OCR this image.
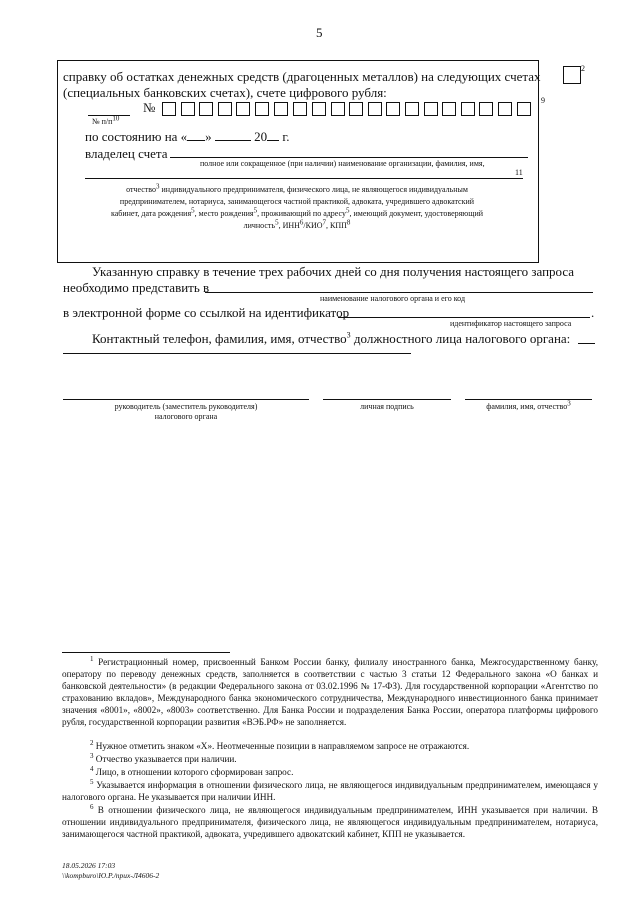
5
справку об остатках денежных средств (драгоценных металлов) на следующих счетах
(специальных банковских счетах), счете цифрового рубля:
2
№	9
№ п/п10
по состоянию на « »	20 г.
владелец счета
полное или сокращенное (при наличии) наименование организации, фамилия, имя,
11
отчество3 индивидуального предпринимателя, физического лица, не являющегося индивидуальным
предпринимателем, нотариуса, занимающегося частной практикой, адвоката, учредившего адвокатский
кабинет, дата рождения5, место рождения5, проживающий по адресу5, имеющий документ, удостоверяющий
личность5, ИНН6/КИО7, КПП8
Указанную справку в течение трех рабочих дней со дня получения настоящего запроса
необходимо представить в
наименование налогового органа и его код
в электронной форме со ссылкой на идентификатор	.
идентификатор настоящего запроса
Контактный телефон, фамилия, имя, отчество$^3$ должностного лица налогового органа:
руководитель (заместитель руководителя)
налогового органа
личная подпись	фамилия, имя, отчество3
$^1$ Регистрационный номер, присвоенный Банком России банку, филиалу иностранного банка, Межгосударственному банку, оператору по переводу денежных средств, заполняется в соответствии с частью 3 статьи 12 Федерального закона «О банках и банковской деятельности» (в редакции Федерального закона от 03.02.1996 № 17-ФЗ). Для государственной корпорации «Агентство по страхованию вкладов», Международного банка экономического сотрудничества, Международного инвестиционного банка принимает значения «8001», «8002», «8003» соответственно. Для Банка России и подразделения Банка России, оператора платформы цифрового рубля, государственной корпорации развития «ВЭБ.РФ» не заполняется.
$^2$ Нужное отметить знаком «X». Неотмеченные позиции в направляемом запросе не отражаются.
$^3$ Отчество указывается при наличии.
$^4$ Лицо, в отношении которого сформирован запрос.
$^5$ Указывается информация в отношении физического лица, не являющегося индивидуальным предпринимателем, имеющаяся у налогового органа. Не указывается при наличии ИНН.
$^6$ В отношении физического лица, не являющегося индивидуальным предпринимателем, ИНН указывается при наличии. В отношении индивидуального предпринимателя, физического лица, не являющегося индивидуальным предпринимателем, нотариуса, занимающегося частной практикой, адвоката, учредившего адвокатский кабинет, КПП не указывается.
18.05.2026 17:03
\\kompburo\Ю.Р./приx-Л4606-2
